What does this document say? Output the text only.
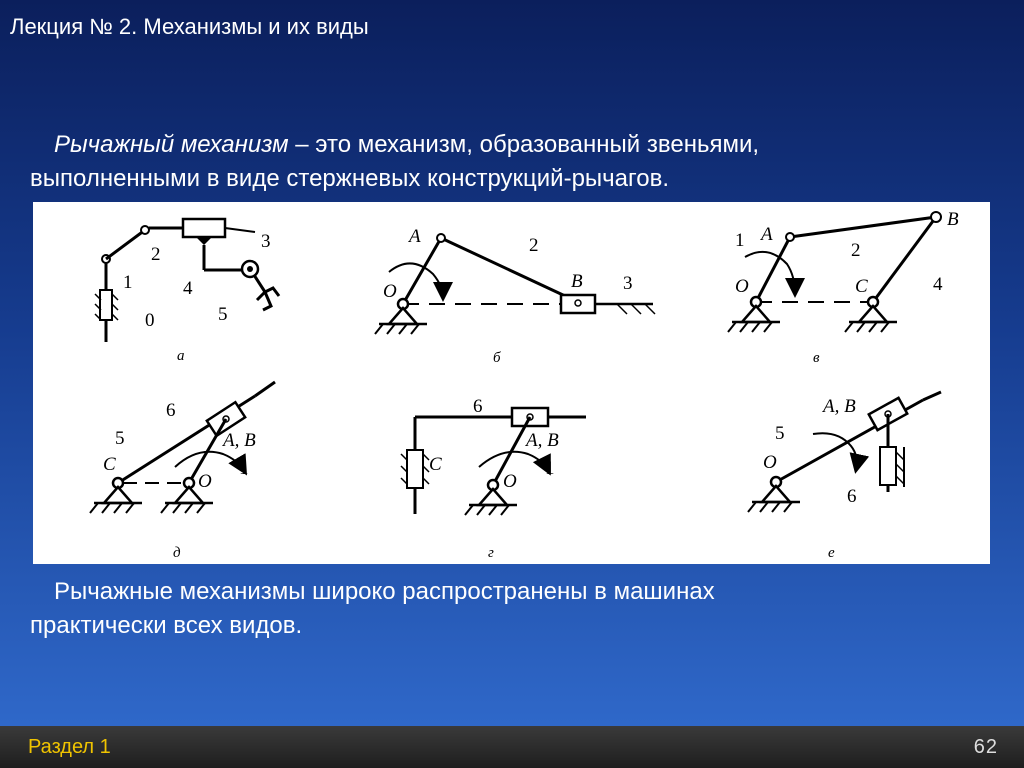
Лекция № 2. Механизмы и их виды
Рычажный механизм – это механизм, образованный звеньями,
выполненными в виде стержневых конструкций-рычагов.
2
3
1	4
0	5
а
A	2
O	B 3
б
B
A
1	2
O	C	4
в
6
5	A, B
C	1
O
д
6
A, B
C	1
O
г
A, B
5
O
6
е
Рычажные механизмы широко распространены в машинах
практически всех видов.
Раздел 1	62
